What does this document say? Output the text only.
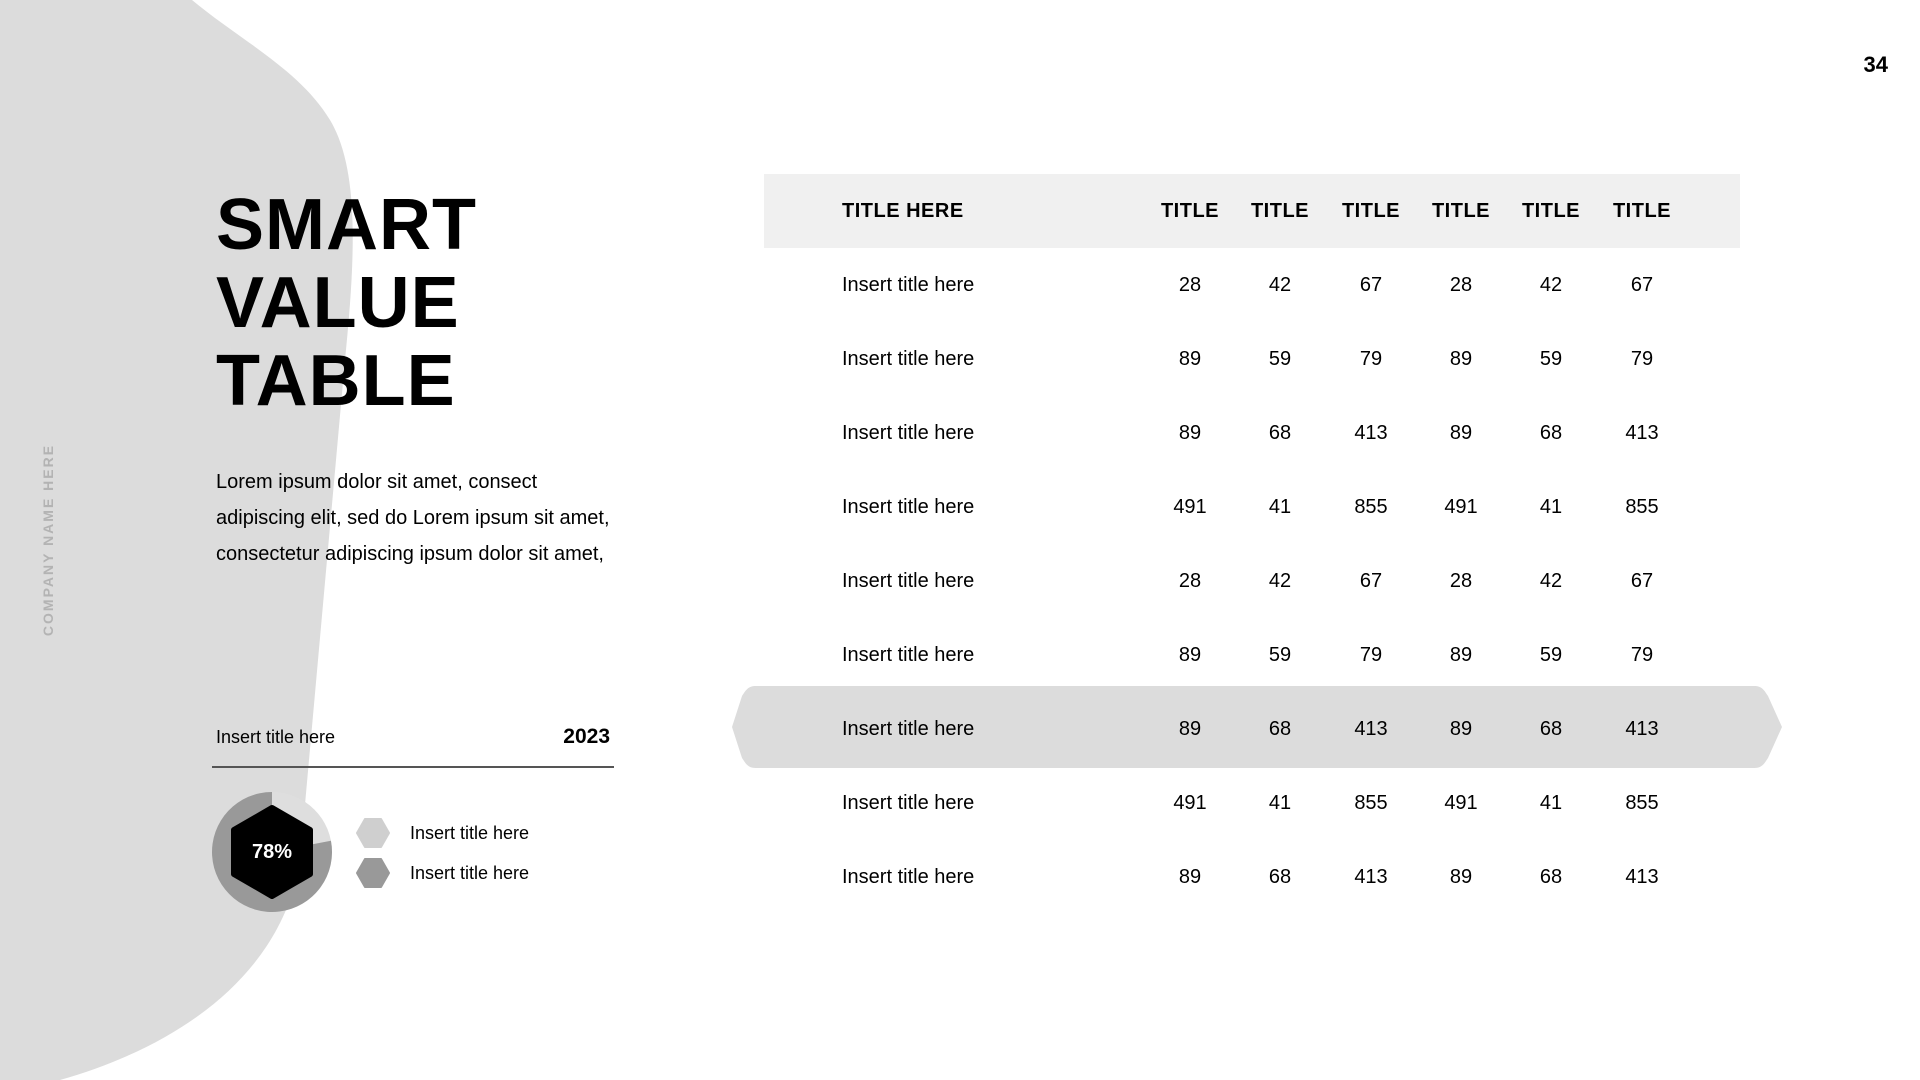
34
COMPANY NAME HERE
SMART
VALUE
TABLE
Lorem ipsum dolor sit amet, consect adipiscing elit, sed do Lorem ipsum sit amet, consectetur adipiscing ipsum dolor sit amet,
Insert title here	2023
78%
Insert title here
Insert title here
TITLE HERE	TITLE	TITLE	TITLE	TITLE	TITLE	TITLE
Insert title here	28	42	67	28	42	67
Insert title here	89	59	79	89	59	79
Insert title here	89	68	413	89	68	413
Insert title here	491	41	855	491	41	855
Insert title here	28	42	67	28	42	67
Insert title here	89	59	79	89	59	79
Insert title here	89	68	413	89	68	413
Insert title here	491	41	855	491	41	855
Insert title here	89	68	413	89	68	413
